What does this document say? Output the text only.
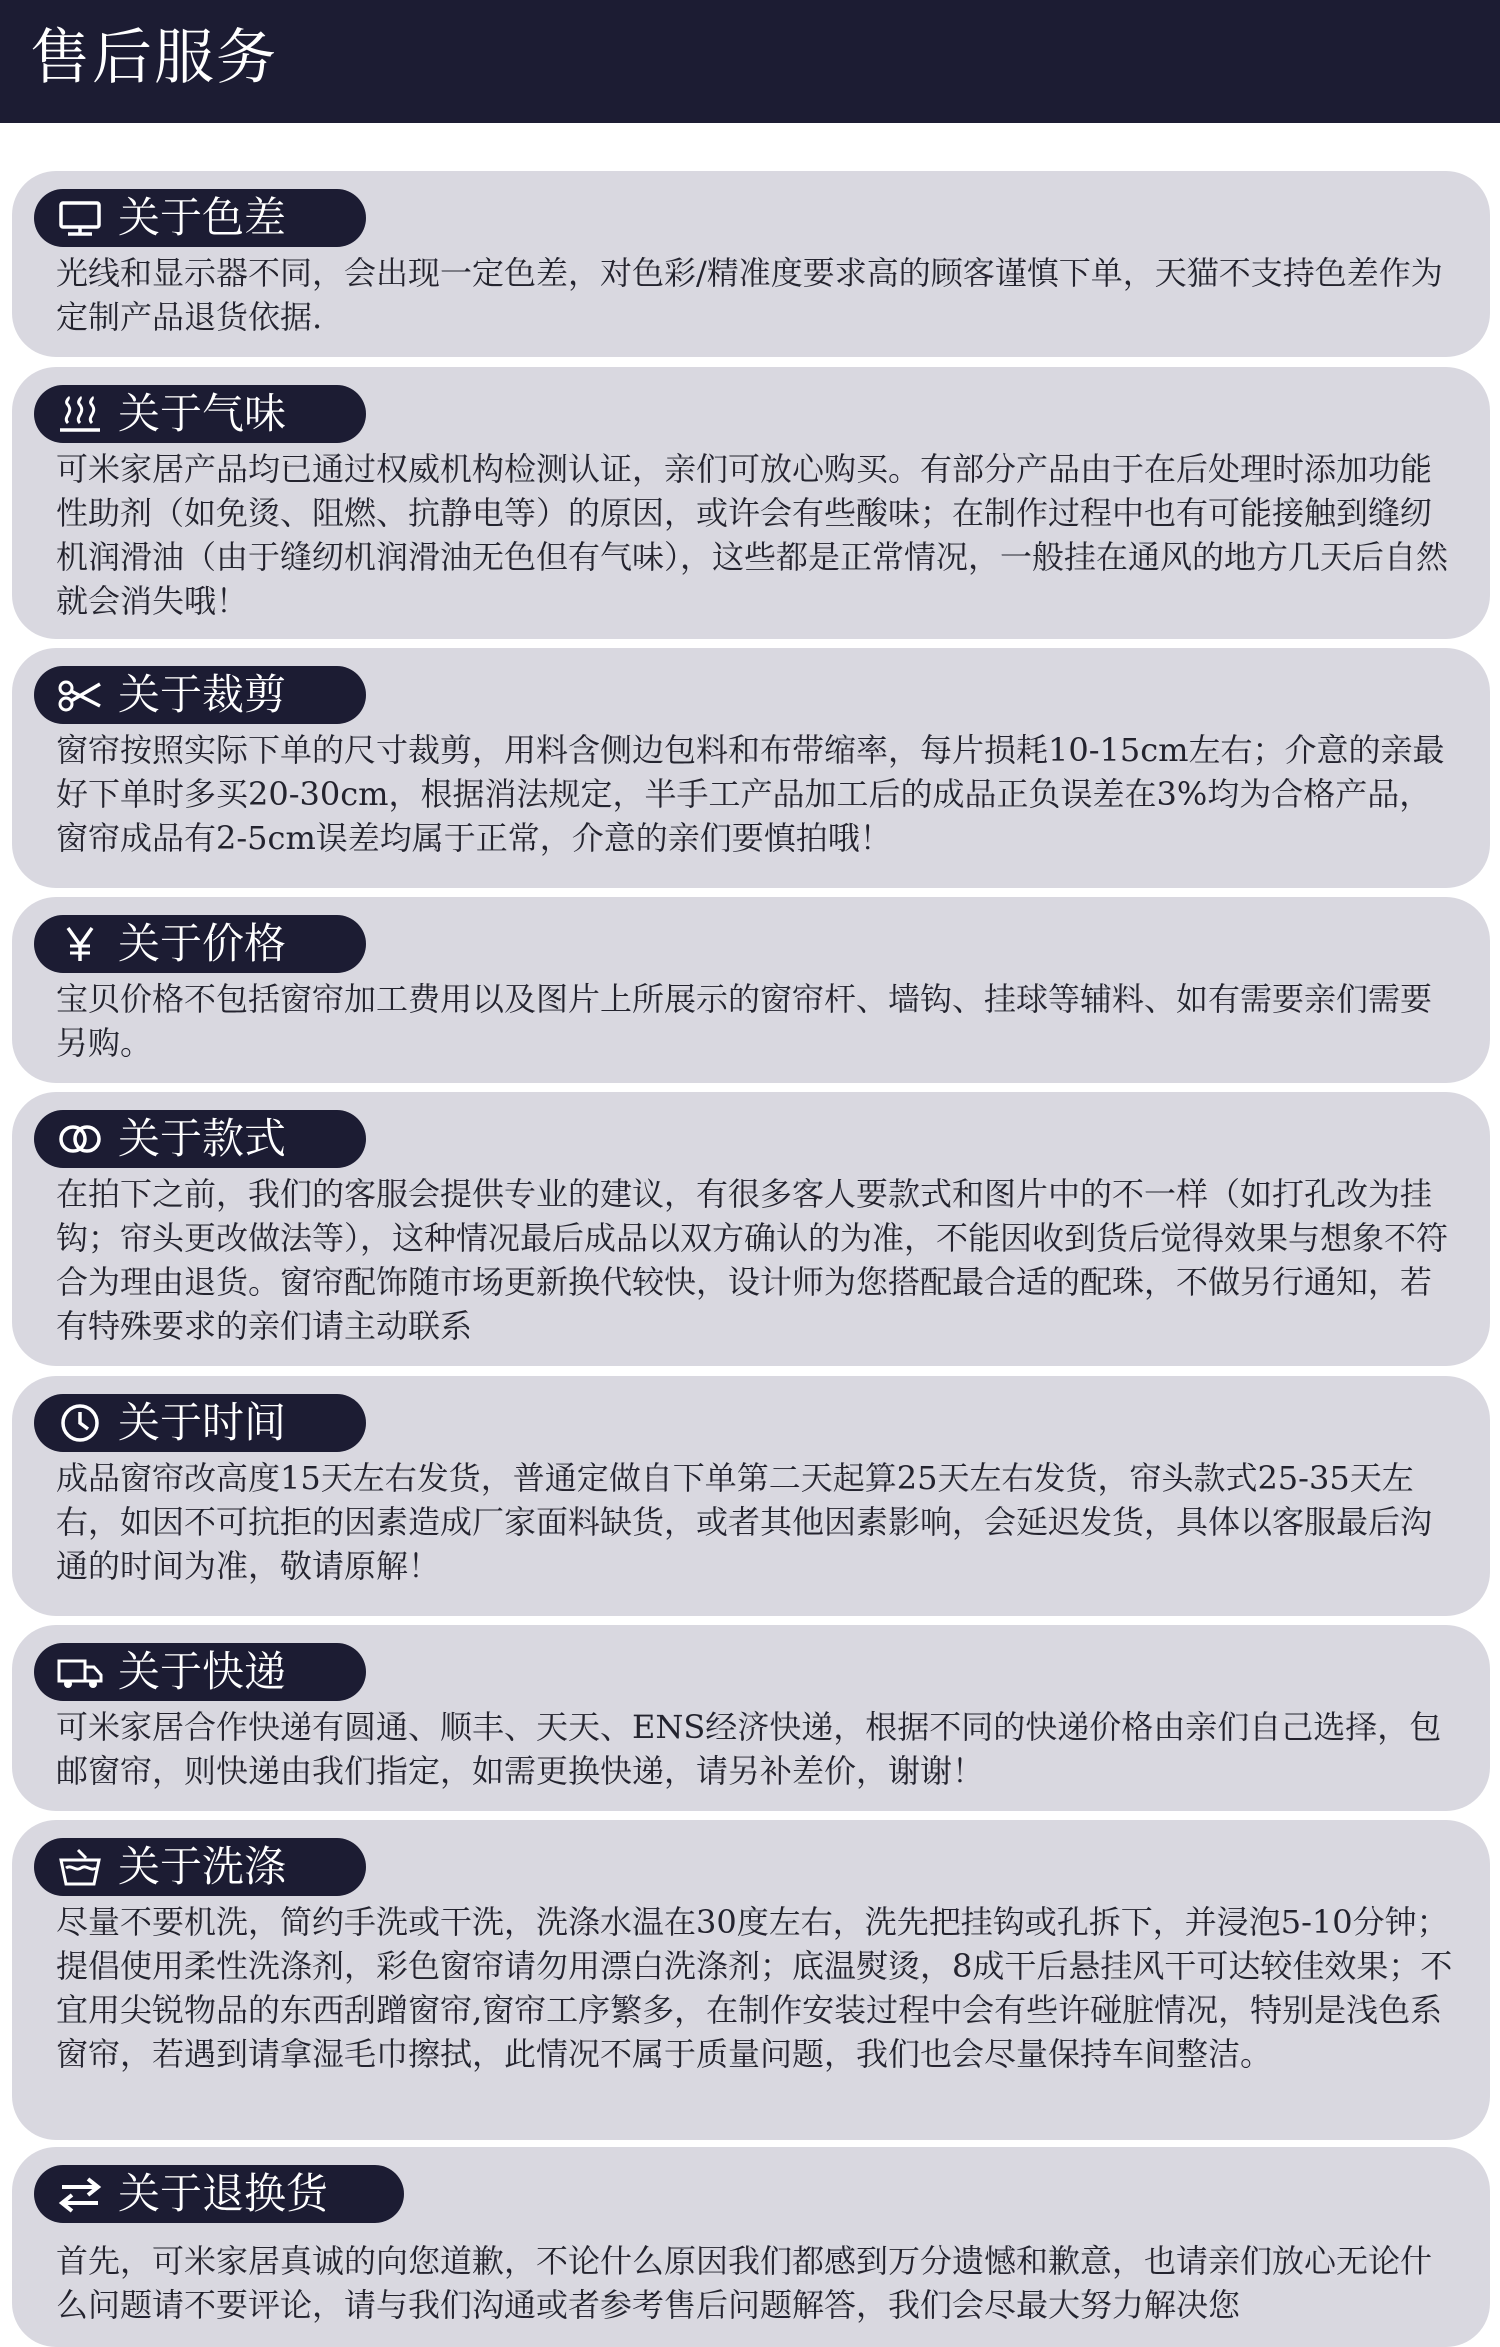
售后服务
关于色差

光线和显示器不同，会出现一定色差，对色彩/精准度要求高的顾客谨慎下单，天猫不支持色差作为定制产品退货依据.

关于气味

可米家居产品均已通过权威机构检测认证，亲们可放心购买。有部分产品由于在后处理时添加功能性助剂（如免烫、阻燃、抗静电等）的原因，或许会有些酸味；在制作过程中也有可能接触到缝纫机润滑油（由于缝纫机润滑油无色但有气味），这些都是正常情况，一般挂在通风的地方几天后自然就会消失哦！

关于裁剪

窗帘按照实际下单的尺寸裁剪，用料含侧边包料和布带缩率，每片损耗10-15cm左右；介意的亲最好下单时多买20-30cm，根据消法规定，半手工产品加工后的成品正负误差在3%均为合格产品，窗帘成品有2-5cm误差均属于正常，介意的亲们要慎拍哦！

关于价格

宝贝价格不包括窗帘加工费用以及图片上所展示的窗帘杆、墙钩、挂球等辅料、如有需要亲们需要另购。

关于款式

在拍下之前，我们的客服会提供专业的建议，有很多客人要款式和图片中的不一样（如打孔改为挂钩；帘头更改做法等），这种情况最后成品以双方确认的为准，不能因收到货后觉得效果与想象不符合为理由退货。窗帘配饰随市场更新换代较快，设计师为您搭配最合适的配珠，不做另行通知，若有特殊要求的亲们请主动联系

关于时间

成品窗帘改高度15天左右发货，普通定做自下单第二天起算25天左右发货，帘头款式25-35天左右，如因不可抗拒的因素造成厂家面料缺货，或者其他因素影响，会延迟发货，具体以客服最后沟通的时间为准，敬请原解！

关于快递

可米家居合作快递有圆通、顺丰、天天、ENS经济快递，根据不同的快递价格由亲们自己选择，包邮窗帘，则快递由我们指定，如需更换快递，请另补差价，谢谢！

关于洗涤

尽量不要机洗，简约手洗或干洗，洗涤水温在30度左右，洗先把挂钩或孔拆下，并浸泡5-10分钟；提倡使用柔性洗涤剂，彩色窗帘请勿用漂白洗涤剂；底温熨烫，8成干后悬挂风干可达较佳效果；不宜用尖锐物品的东西刮蹭窗帘,窗帘工序繁多，在制作安装过程中会有些许碰脏情况，特别是浅色系窗帘，若遇到请拿湿毛巾擦拭，此情况不属于质量问题，我们也会尽量保持车间整洁。

关于退换货

首先，可米家居真诚的向您道歉，不论什么原因我们都感到万分遗憾和歉意，也请亲们放心无论什么问题请不要评论，请与我们沟通或者参考售后问题解答，我们会尽最大努力解决您
